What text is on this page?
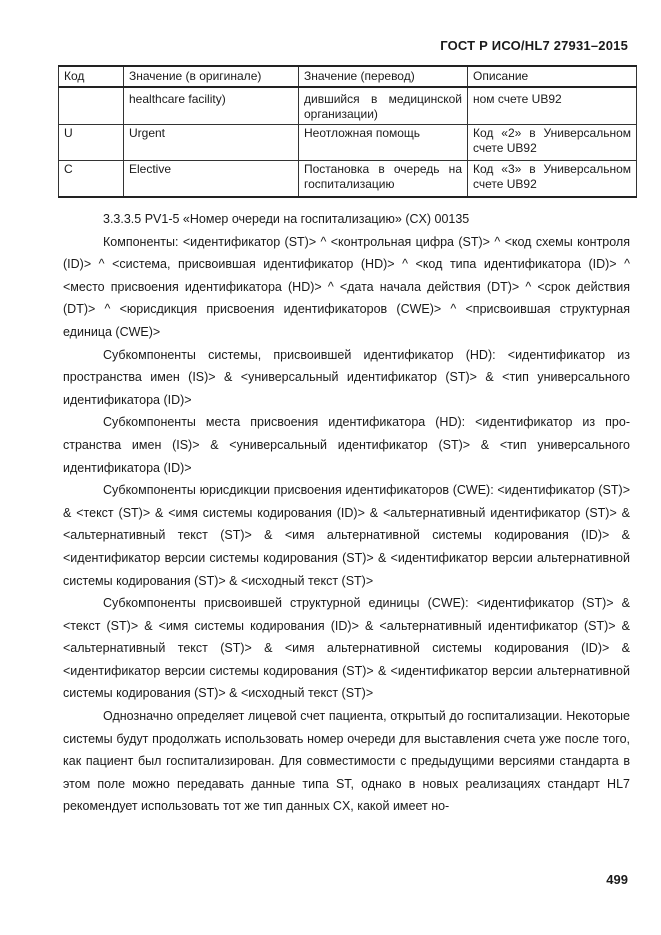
ГОСТ Р ИСО/HL7 27931–2015
Код	Значение (в оригинале)	Значение (перевод)	Описание
	healthcare facility)	дившийся в медицинской организации)	ном счете UB92
U	Urgent	Неотложная помощь	Код «2» в Универсальном счете UB92
C	Elective	Постановка в очередь на госпитализацию	Код «3» в Универсальном счете UB92

3.3.3.5 PV1-5 «Номер очереди на госпитализацию» (CX) 00135

Компоненты: <идентификатор (ST)> ^ <контрольная цифра (ST)> ^ <код схемы контроля (ID)> ^ <система, присвоившая идентификатор (HD)> ^ <код типа идентификатора (ID)> ^ <место присвоения идентификатора (HD)> ^ <дата начала действия (DT)> ^ <срок действия (DT)> ^ <юрисдикция присвоения идентификаторов (CWE)> ^ <присвоившая структурная единица (CWE)>

Субкомпоненты системы, присвоившей идентификатор (HD): <идентификатор из пространства имен (IS)> & <универсальный идентификатор (ST)> & <тип универсального идентификатора (ID)>

Субкомпоненты места присвоения идентификатора (HD): <идентификатор из пространства имен (IS)> & <универсальный идентификатор (ST)> & <тип универсального идентификатора (ID)>

Субкомпоненты юрисдикции присвоения идентификаторов (CWE): <идентификатор (ST)> & <текст (ST)> & <имя системы кодирования (ID)> & <альтернативный идентификатор (ST)> & <альтернативный текст (ST)> & <имя альтернативной системы кодирования (ID)> & <идентификатор версии системы кодирования (ST)> & <идентификатор версии альтернативной системы кодирования (ST)> & <исходный текст (ST)>

Субкомпоненты присвоившей структурной единицы (CWE): <идентификатор (ST)> & <текст (ST)> & <имя системы кодирования (ID)> & <альтернативный идентификатор (ST)> & <альтернативный текст (ST)> & <имя альтернативной системы кодирования (ID)> & <идентификатор версии системы кодирования (ST)> & <идентификатор версии альтернативной системы кодирования (ST)> & <исходный текст (ST)>

Однозначно определяет лицевой счет пациента, открытый до госпитализации. Некоторые системы будут продолжать использовать номер очереди для выставления счета уже после того, как пациент был госпитализирован. Для совместимости с предыдущими версиями стандарта в этом поле можно передавать данные типа ST, однако в новых реализациях стандарт HL7 рекомендует использовать тот же тип данных CX, какой имеет но-

499
